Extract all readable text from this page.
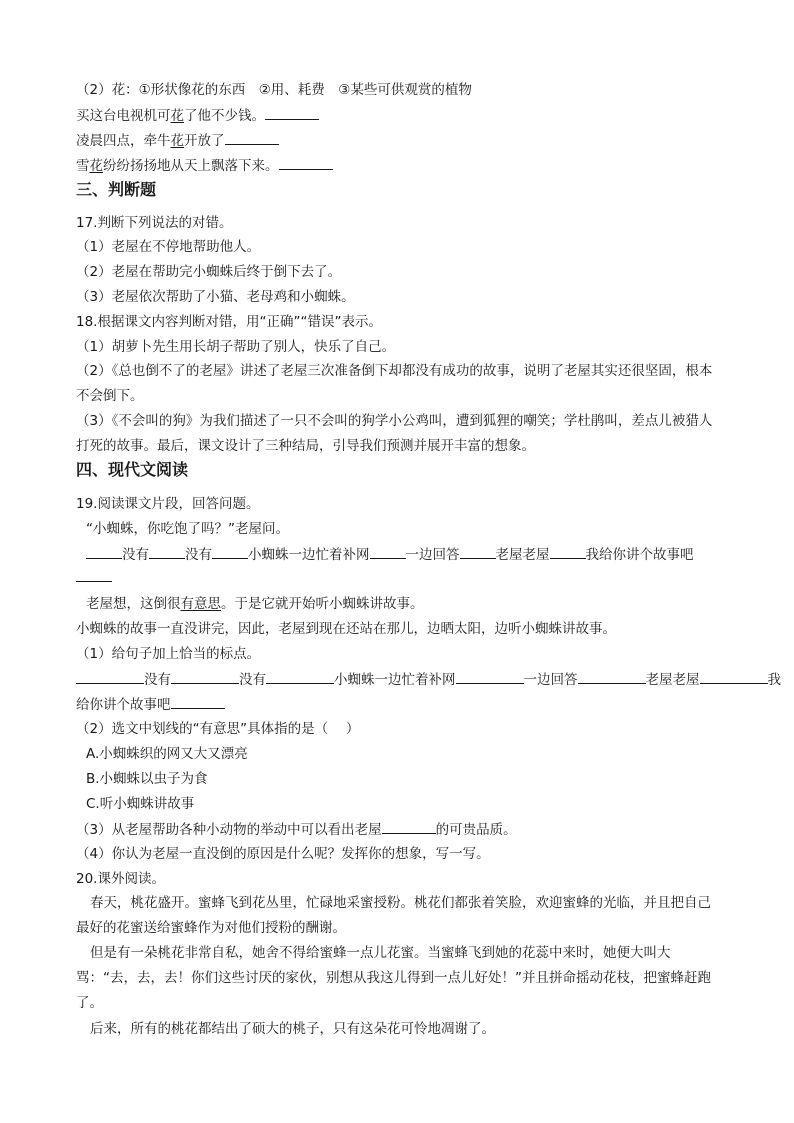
（2）花：①形状像花的东西　②用、耗费　③某些可供观赏的植物
买这台电视机可花了他不少钱。
凌晨四点，牵牛花开放了
雪花纷纷扬扬地从天上飘落下来。
三、判断题
17.判断下列说法的对错。
（1）老屋在不停地帮助他人。
（2）老屋在帮助完小蜘蛛后终于倒下去了。
（3）老屋依次帮助了小猫、老母鸡和小蜘蛛。
18.根据课文内容判断对错，用“正确”“错误”表示。
（1）胡萝卜先生用长胡子帮助了别人，快乐了自己。
（2）《总也倒不了的老屋》讲述了老屋三次准备倒下却都没有成功的故事，说明了老屋其实还很坚固，根本不会倒下。
（3）《不会叫的狗》为我们描述了一只不会叫的狗学小公鸡叫，遭到狐狸的嘲笑；学杜鹃叫，差点儿被猎人打死的故事。最后，课文设计了三种结局，引导我们预测并展开丰富的想象。
四、现代文阅读
19.阅读课文片段，回答问题。
“小蜘蛛，你吃饱了吗？”老屋问。
没有	没有	小蜘蛛一边忙着补网	一边回答	老屋老屋	我给你讲个故事吧
老屋想，这倒很有意思。于是它就开始听小蜘蛛讲故事。
小蜘蛛的故事一直没讲完，因此，老屋到现在还站在那儿，边晒太阳，边听小蜘蛛讲故事。
（1）给句子加上恰当的标点。
没有	没有	小蜘蛛一边忙着补网	一边回答	老屋老屋	我
给你讲个故事吧
（2）选文中划线的“有意思”具体指的是（　 ）
A.小蜘蛛织的网又大又漂亮
B.小蜘蛛以虫子为食
C.听小蜘蛛讲故事
（3）从老屋帮助各种小动物的举动中可以看出老屋	的可贵品质。
（4）你认为老屋一直没倒的原因是什么呢？发挥你的想象，写一写。
20.课外阅读。
春天，桃花盛开。蜜蜂飞到花丛里，忙碌地采蜜授粉。桃花们都张着笑脸，欢迎蜜蜂的光临，并且把自己最好的花蜜送给蜜蜂作为对他们授粉的酬谢。
但是有一朵桃花非常自私，她舍不得给蜜蜂一点儿花蜜。当蜜蜂飞到她的花蕊中来时，她便大叫大骂：“去，去，去！你们这些讨厌的家伙，别想从我这儿得到一点儿好处！”并且拼命摇动花枝，把蜜蜂赶跑了。
后来，所有的桃花都结出了硕大的桃子，只有这朵花可怜地凋谢了。
